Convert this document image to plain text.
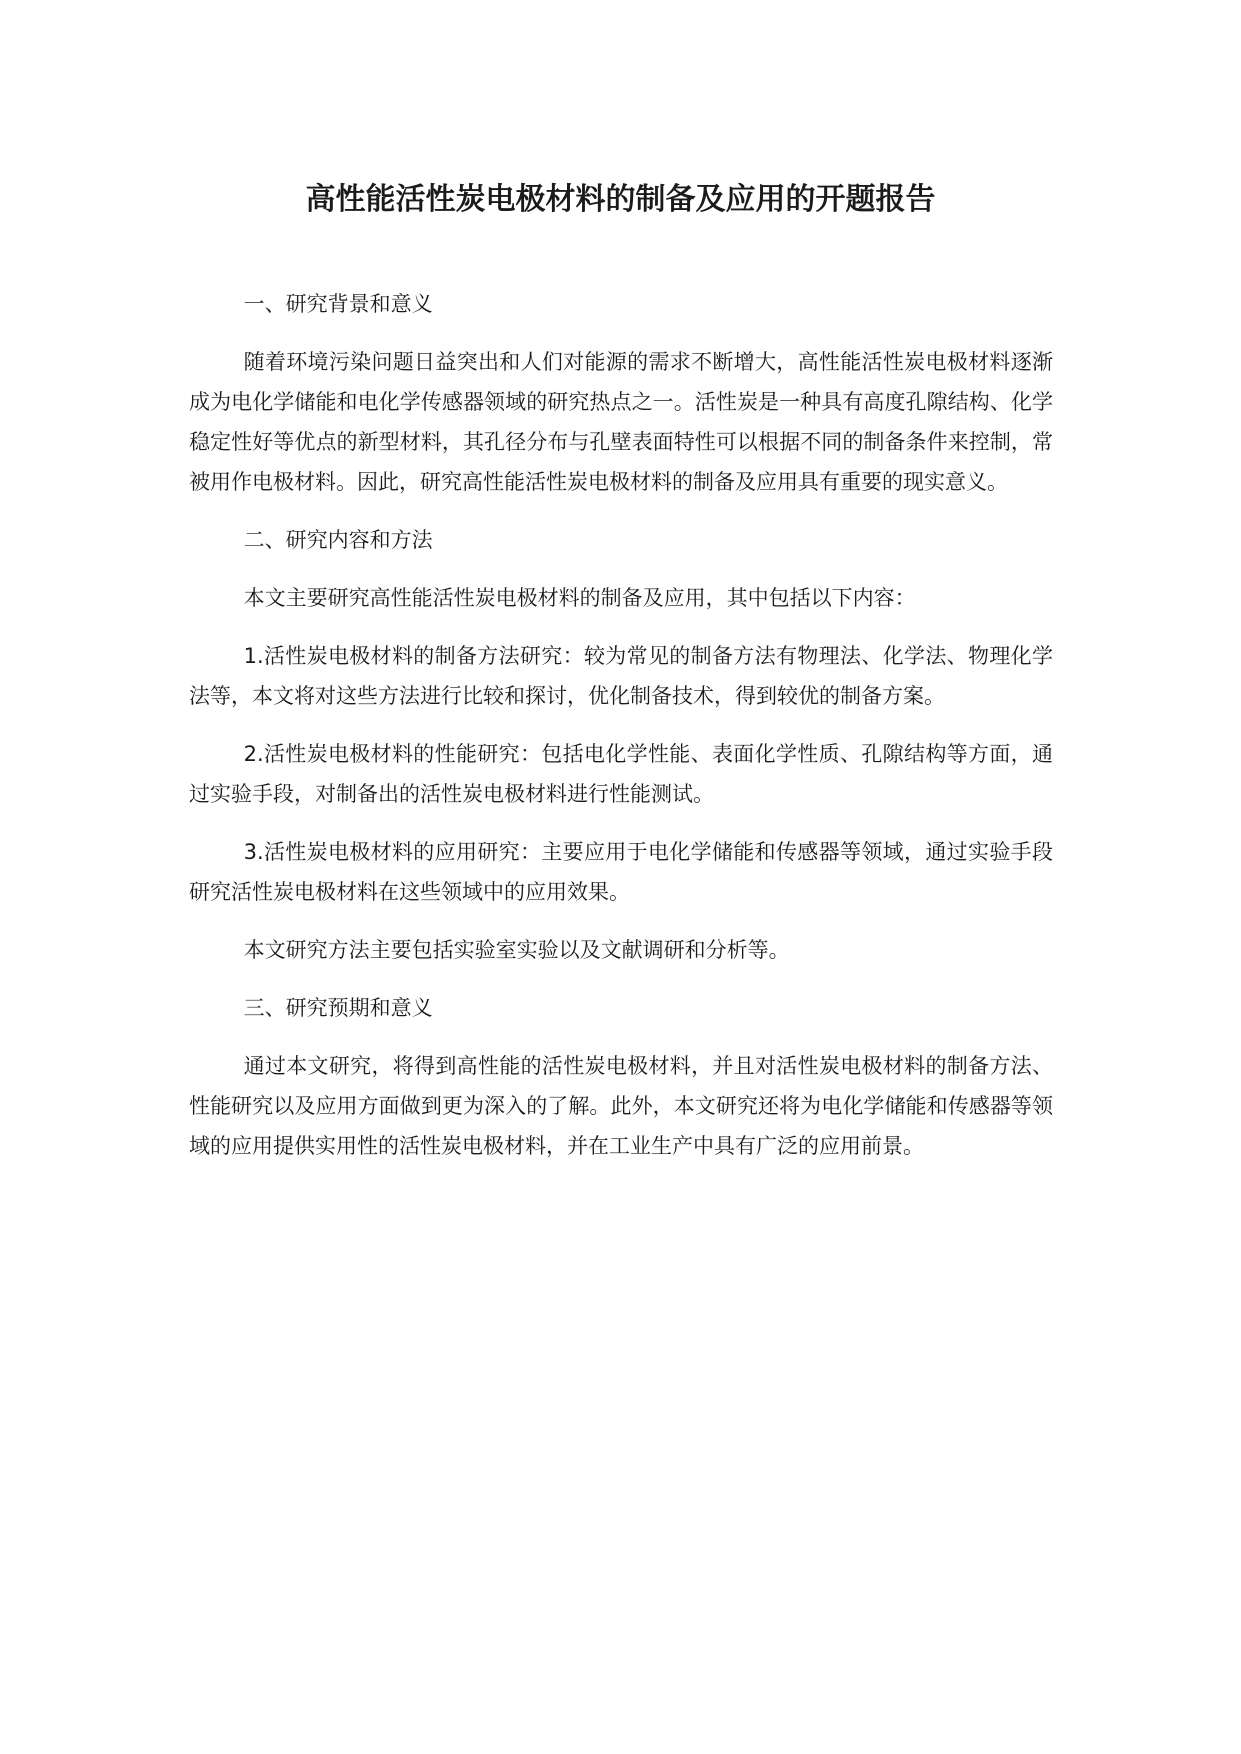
高性能活性炭电极材料的制备及应用的开题报告

一、研究背景和意义

随着环境污染问题日益突出和人们对能源的需求不断增大，高性能活性炭电极材料逐渐成为电化学储能和电化学传感器领域的研究热点之一。活性炭是一种具有高度孔隙结构、化学稳定性好等优点的新型材料，其孔径分布与孔壁表面特性可以根据不同的制备条件来控制，常被用作电极材料。因此，研究高性能活性炭电极材料的制备及应用具有重要的现实意义。

二、研究内容和方法

本文主要研究高性能活性炭电极材料的制备及应用，其中包括以下内容：

1.活性炭电极材料的制备方法研究：较为常见的制备方法有物理法、化学法、物理化学法等，本文将对这些方法进行比较和探讨，优化制备技术，得到较优的制备方案。

2.活性炭电极材料的性能研究：包括电化学性能、表面化学性质、孔隙结构等方面，通过实验手段，对制备出的活性炭电极材料进行性能测试。

3.活性炭电极材料的应用研究：主要应用于电化学储能和传感器等领域，通过实验手段研究活性炭电极材料在这些领域中的应用效果。

本文研究方法主要包括实验室实验以及文献调研和分析等。

三、研究预期和意义

通过本文研究，将得到高性能的活性炭电极材料，并且对活性炭电极材料的制备方法、性能研究以及应用方面做到更为深入的了解。此外，本文研究还将为电化学储能和传感器等领域的应用提供实用性的活性炭电极材料，并在工业生产中具有广泛的应用前景。
